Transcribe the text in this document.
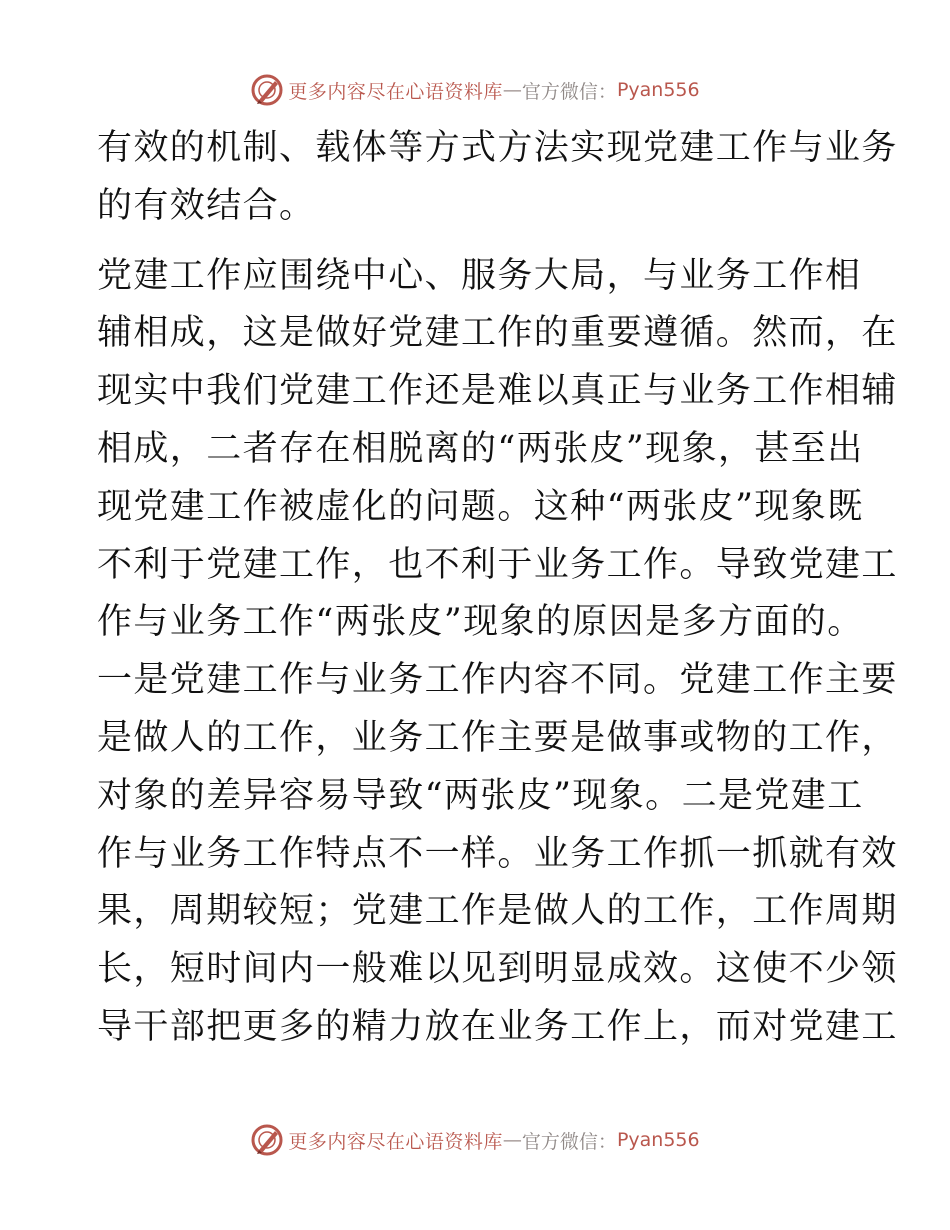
更多内容尽在心语资料库 — 官方微信： Pyan556
有效的机制、载体等方式方法实现党建工作与业务
的有效结合。
党建工作应围绕中心、服务大局，与业务工作相
辅相成，这是做好党建工作的重要遵循。然而，在
现实中我们党建工作还是难以真正与业务工作相辅
相成，二者存在相脱离的“两张皮”现象，甚至出
现党建工作被虚化的问题。这种“两张皮”现象既
不利于党建工作，也不利于业务工作。导致党建工
作与业务工作“两张皮”现象的原因是多方面的。
一是党建工作与业务工作内容不同。党建工作主要
是做人的工作，业务工作主要是做事或物的工作，
对象的差异容易导致“两张皮”现象。二是党建工
作与业务工作特点不一样。业务工作抓一抓就有效
果，周期较短；党建工作是做人的工作，工作周期
长，短时间内一般难以见到明显成效。这使不少领
导干部把更多的精力放在业务工作上，而对党建工
更多内容尽在心语资料库 — 官方微信： Pyan556
